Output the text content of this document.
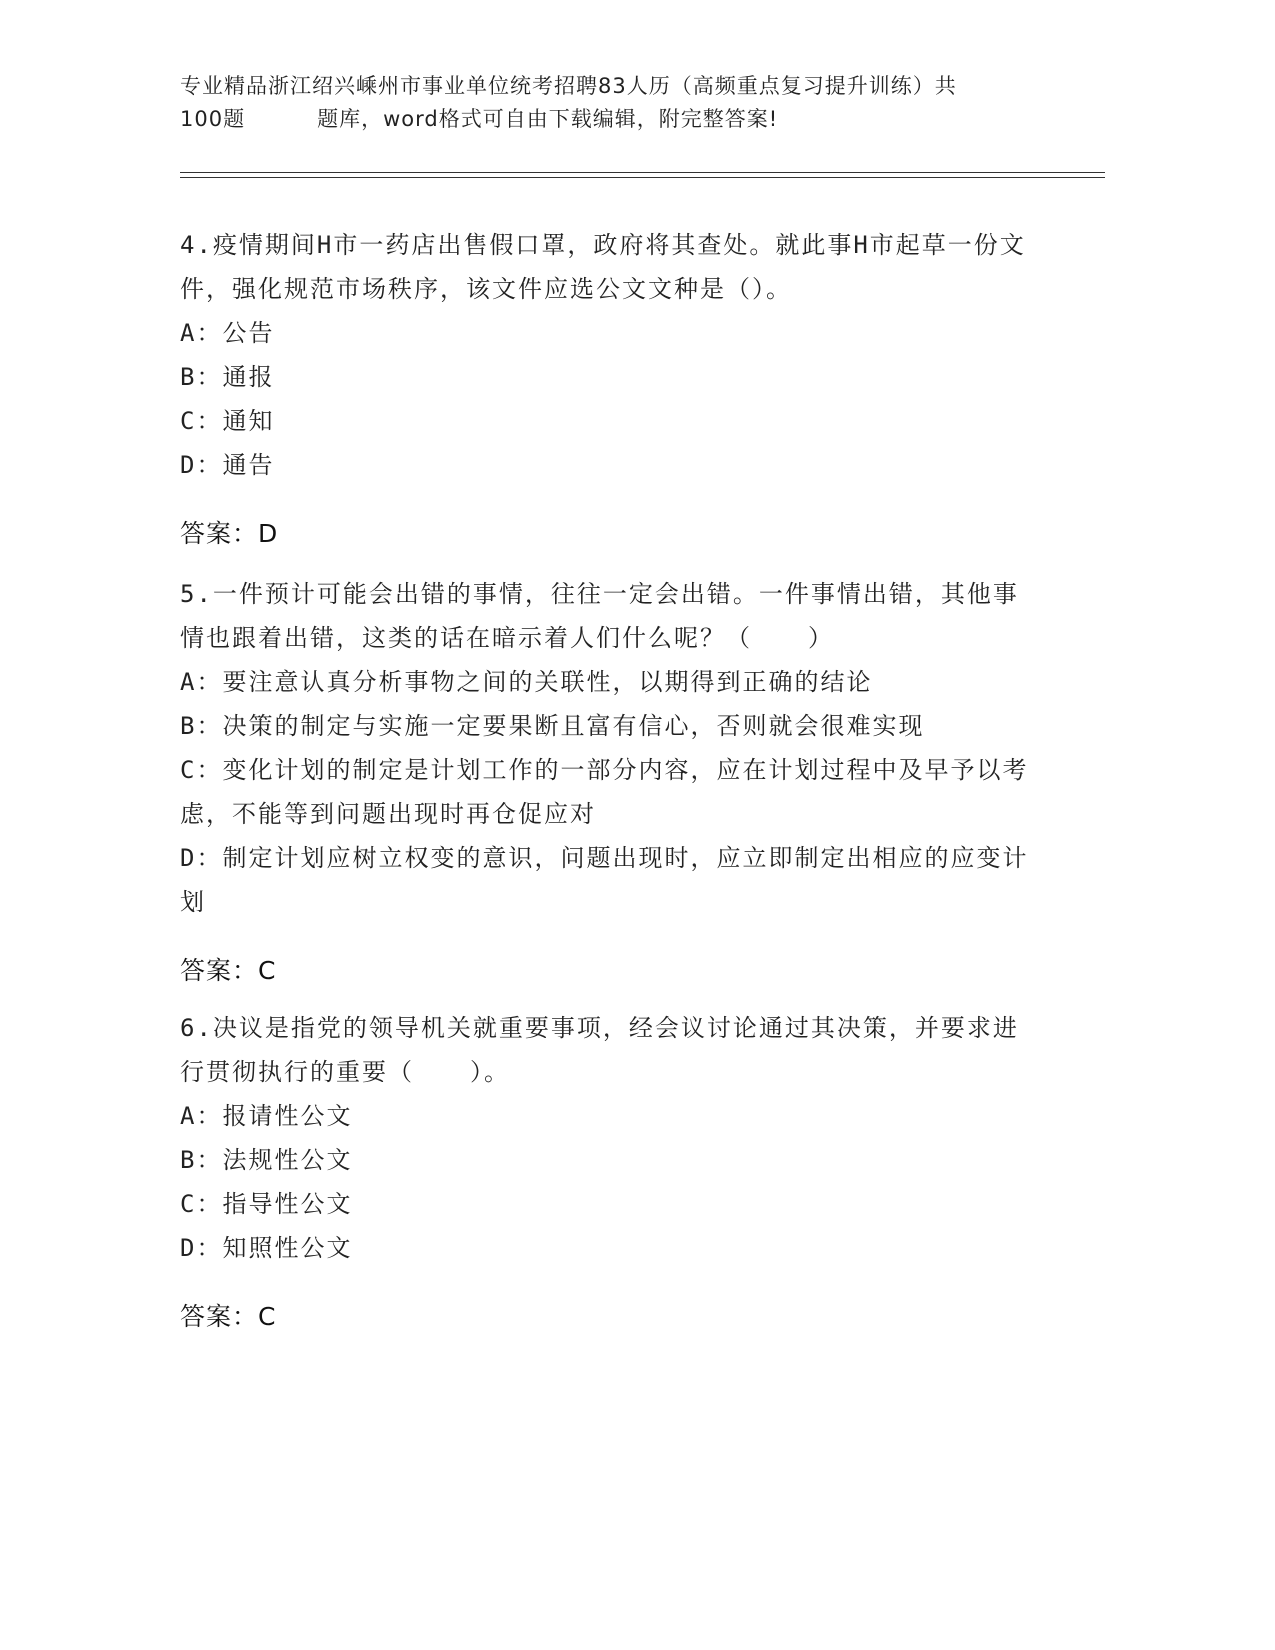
专业精品浙江绍兴嵊州市事业单位统考招聘83人历（高频重点复习提升训练）共
100题	题库，word格式可自由下载编辑，附完整答案!

4.疫情期间H市一药店出售假口罩，政府将其查处。就此事H市起草一份文件，强化规范市场秩序，该文件应选公文文种是（）。

A：公告

B：通报

C：通知

D：通告

答案：D

5.一件预计可能会出错的事情，往往一定会出错。一件事情出错，其他事情也跟着出错，这类的话在暗示着人们什么呢？（ ）

A：要注意认真分析事物之间的关联性，以期得到正确的结论

B：决策的制定与实施一定要果断且富有信心，否则就会很难实现

C：变化计划的制定是计划工作的一部分内容，应在计划过程中及早予以考虑，不能等到问题出现时再仓促应对

D：制定计划应树立权变的意识，问题出现时，应立即制定出相应的应变计划

答案：C

6.决议是指党的领导机关就重要事项，经会议讨论通过其决策，并要求进行贯彻执行的重要（ ）。

A：报请性公文

B：法规性公文

C：指导性公文

D：知照性公文

答案：C
